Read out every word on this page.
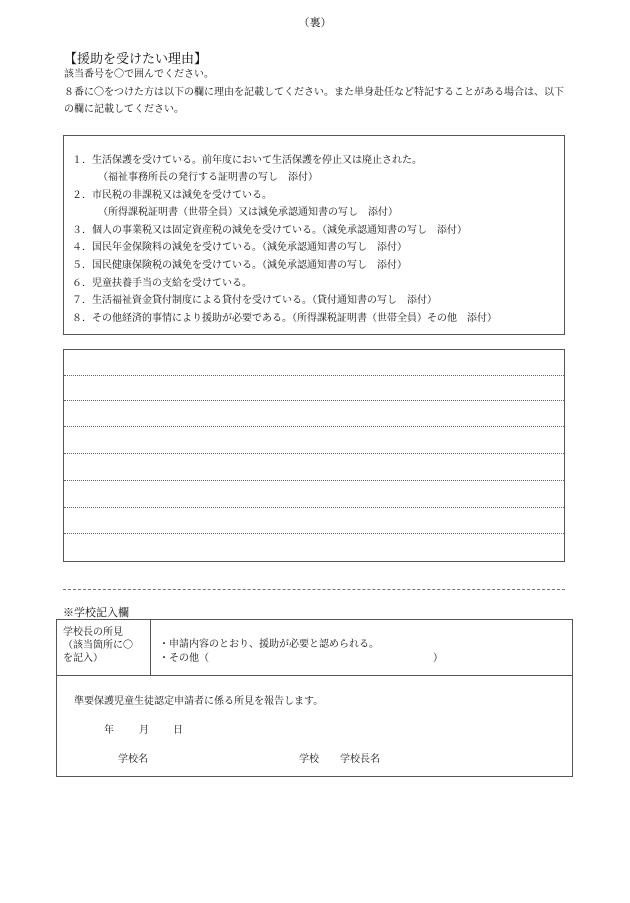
（裏）
【援助を受けたい理由】
該当番号を〇で囲んでください。
８番に〇をつけた方は以下の欄に理由を記載してください。また単身赴任など特記することがある場合は、以下
の欄に記載してください。
１．生活保護を受けている。前年度において生活保護を停止又は廃止された。
（福祉事務所長の発行する証明書の写し　添付）
２．市民税の非課税又は減免を受けている。
（所得課税証明書（世帯全員）又は減免承認通知書の写し　添付）
３．個人の事業税又は固定資産税の減免を受けている。（減免承認通知書の写し　添付）
４．国民年金保険料の減免を受けている。（減免承認通知書の写し　添付）
５．国民健康保険税の減免を受けている。（減免承認通知書の写し　添付）
６．児童扶養手当の支給を受けている。
７．生活福祉資金貸付制度による貸付を受けている。（貸付通知書の写し　添付）
８．その他経済的事情により援助が必要である。（所得課税証明書（世帯全員）その他　添付）
※学校記入欄
学校長の所見
（該当箇所に〇
を記入）
・申請内容のとおり、援助が必要と認められる。
・その他（	）
準要保護児童生徒認定申請者に係る所見を報告します。
年	月 日
学校名	学校 学校長名
